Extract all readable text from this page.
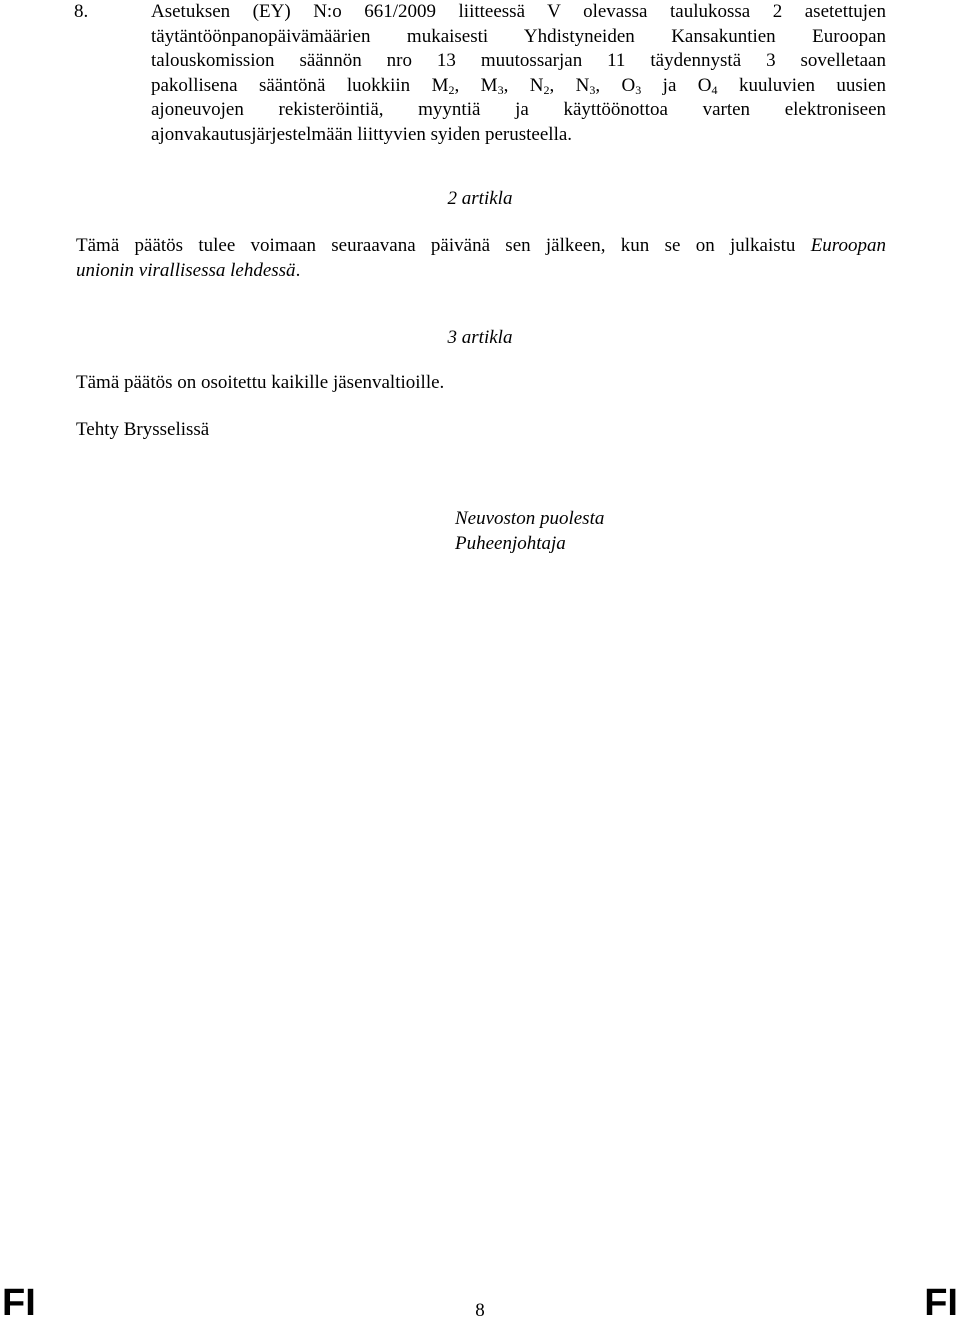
8.	Asetuksen (EY) N:o 661/2009 liitteessä V olevassa taulukossa 2 asetettujen
täytäntöönpanopäivämäärien mukaisesti Yhdistyneiden Kansakuntien Euroopan
talouskomission säännön nro 13 muutossarjan 11 täydennystä 3 sovelletaan
pakollisena sääntönä luokkiin $M_2$, $M_3$, $N_2$, $N_3$, $O_3$ ja $O_4$ kuuluvien uusien
ajoneuvojen rekisteröintiä, myyntiä ja käyttöönottoa varten elektroniseen
ajonvakautusjärjestelmään liittyvien syiden perusteella.
2 artikla
Tämä päätös tulee voimaan seuraavana päivänä sen jälkeen, kun se on julkaistu Euroopan
unionin virallisessa lehdessä.
3 artikla
Tämä päätös on osoitettu kaikille jäsenvaltioille.
Tehty Brysselissä
Neuvoston puolesta
Puheenjohtaja
FI	8	FI
